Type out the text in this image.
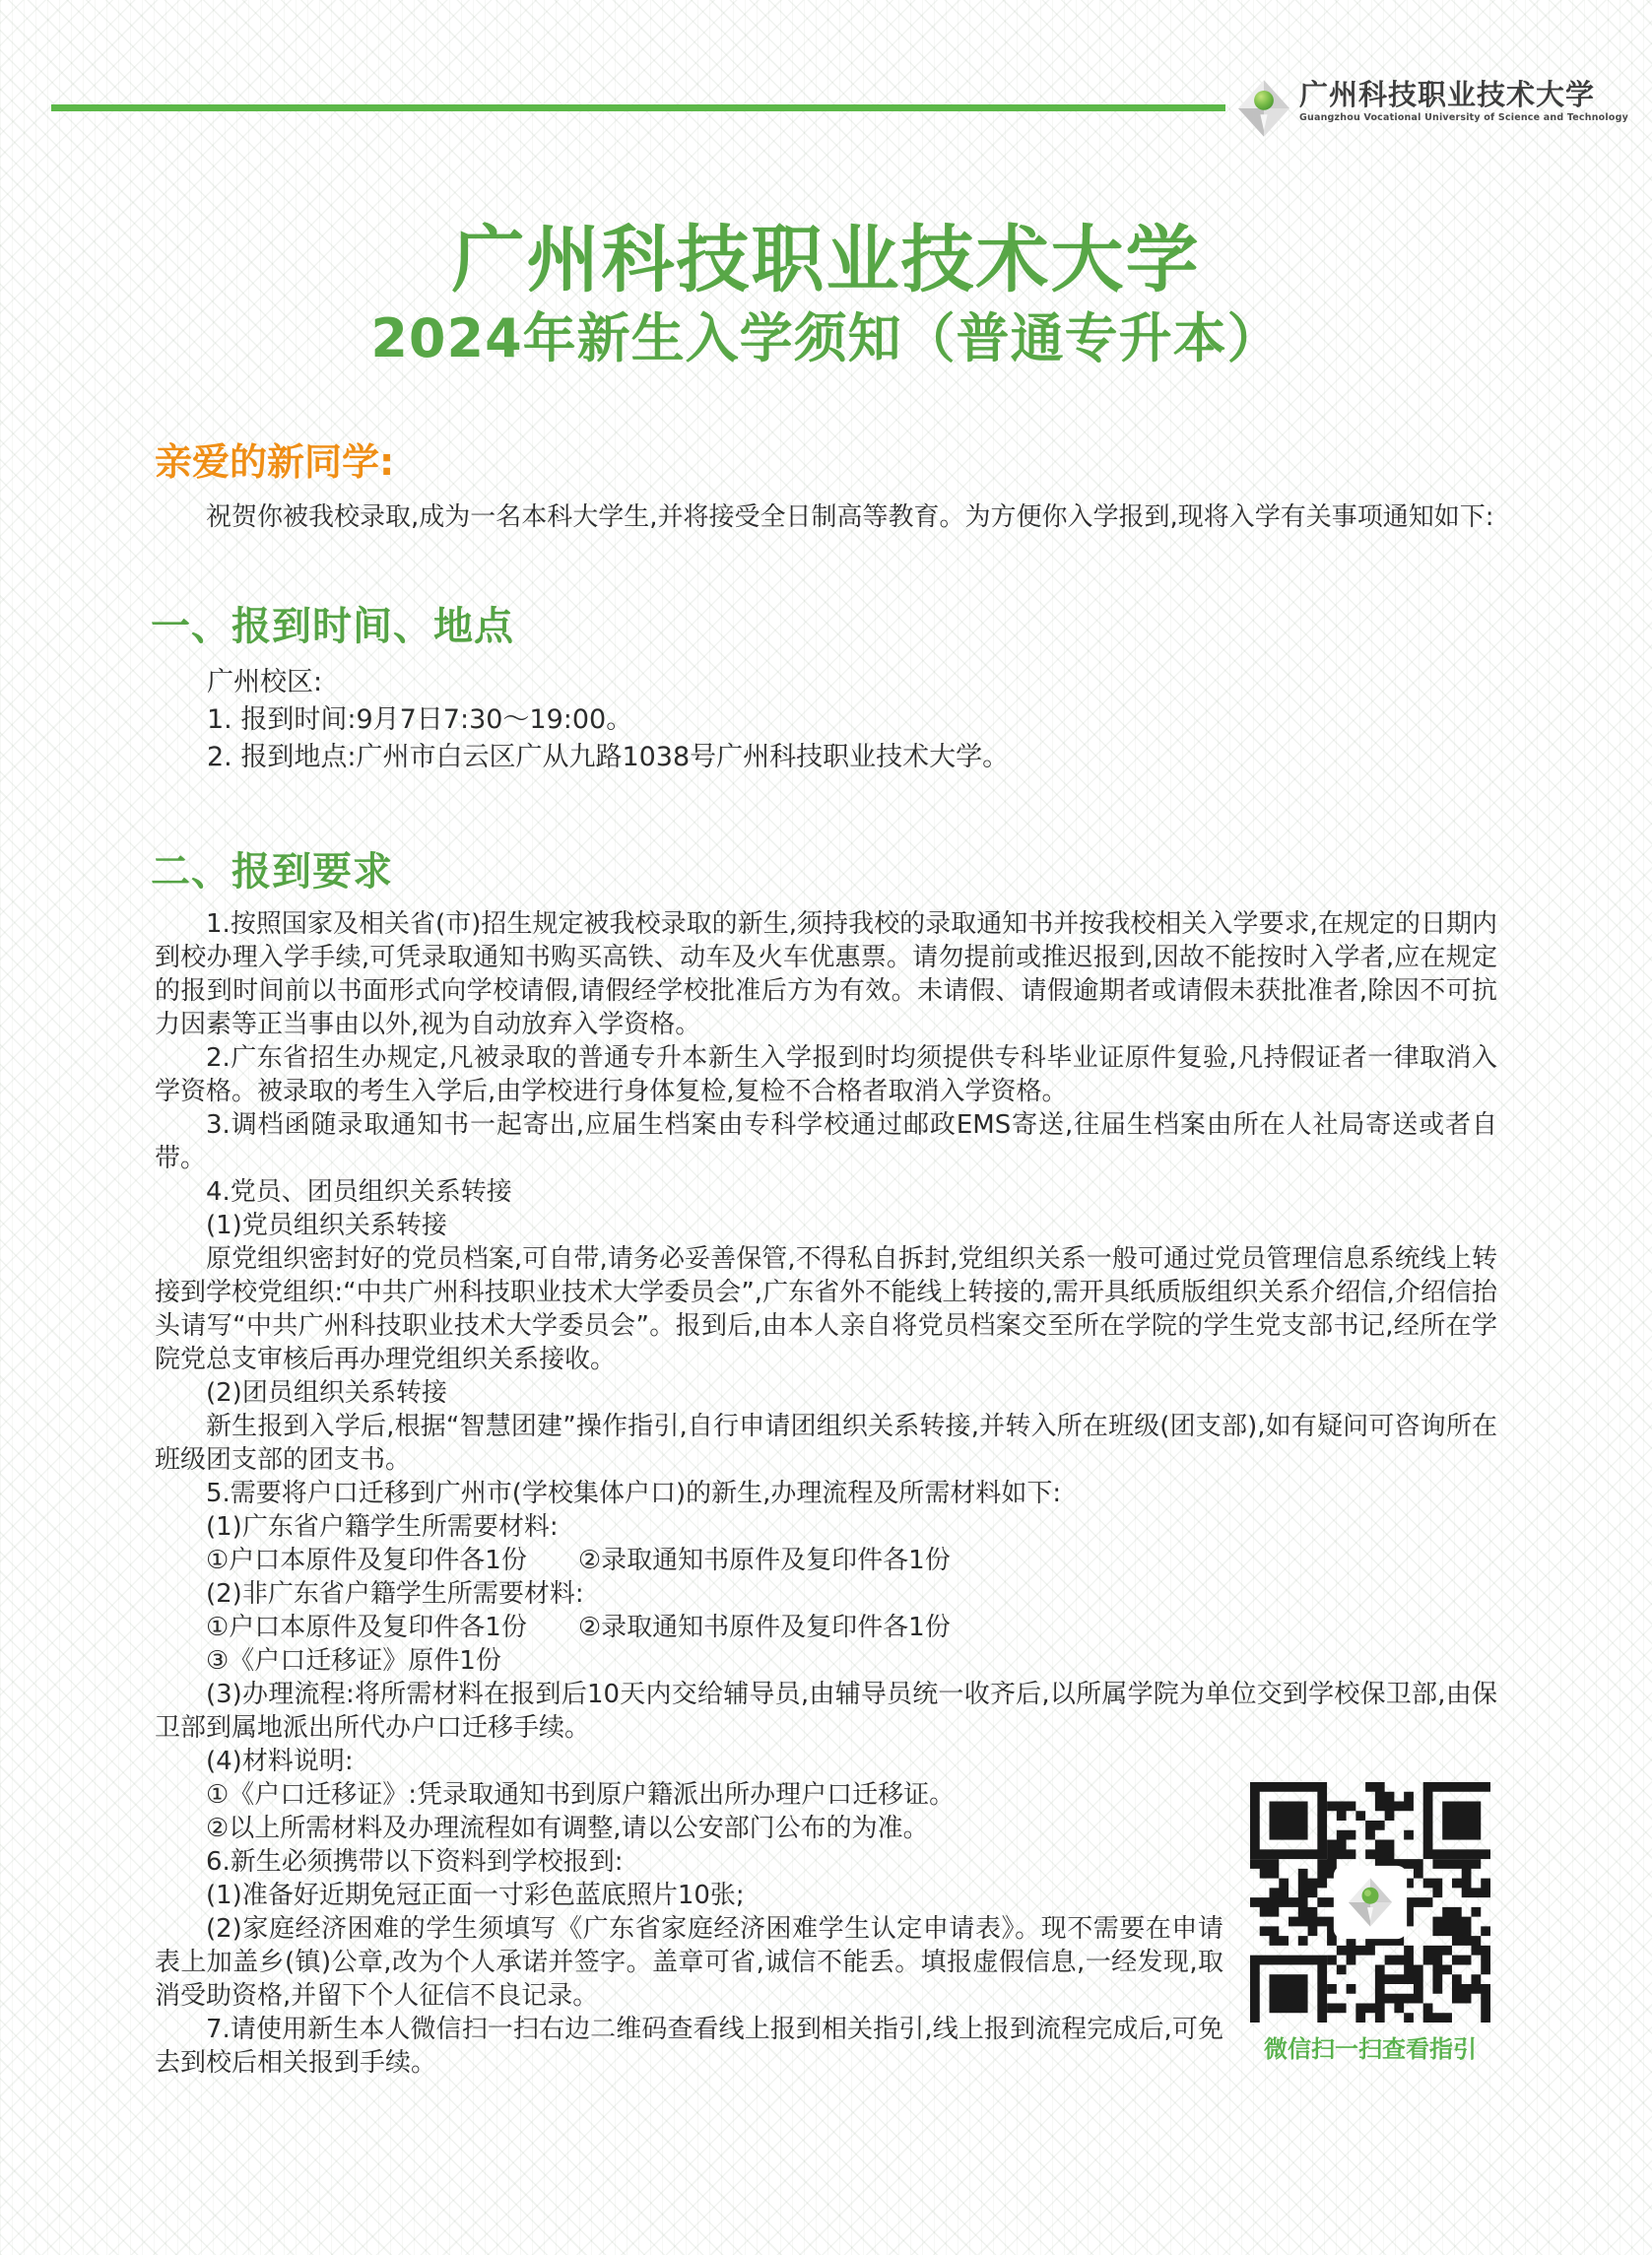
广州科技职业技术大学
Guangzhou Vocational University of Science and Technology
广州科技职业技术大学
2024年新生入学须知（普通专升本）
亲爱的新同学:
祝贺你被我校录取,成为一名本科大学生,并将接受全日制高等教育。为方便你入学报到,现将入学有关事项通知如下:
一、报到时间、地点

广州校区:

1. 报到时间:9月7日7:30～19:00。

2. 报到地点:广州市白云区广从九路1038号广州科技职业技术大学。

二、报到要求

1.按照国家及相关省(市)招生规定被我校录取的新生,须持我校的录取通知书并按我校相关入学要求,在规定的日期内到校办理入学手续,可凭录取通知书购买高铁、动车及火车优惠票。请勿提前或推迟报到,因故不能按时入学者,应在规定的报到时间前以书面形式向学校请假,请假经学校批准后方为有效。未请假、请假逾期者或请假未获批准者,除因不可抗力因素等正当事由以外,视为自动放弃入学资格。

2.广东省招生办规定,凡被录取的普通专升本新生入学报到时均须提供专科毕业证原件复验,凡持假证者一律取消入学资格。被录取的考生入学后,由学校进行身体复检,复检不合格者取消入学资格。

3.调档函随录取通知书一起寄出,应届生档案由专科学校通过邮政EMS寄送,往届生档案由所在人社局寄送或者自带。

4.党员、团员组织关系转接

(1)党员组织关系转接

原党组织密封好的党员档案,可自带,请务必妥善保管,不得私自拆封,党组织关系一般可通过党员管理信息系统线上转接到学校党组织:“中共广州科技职业技术大学委员会”,广东省外不能线上转接的,需开具纸质版组织关系介绍信,介绍信抬头请写“中共广州科技职业技术大学委员会”。报到后,由本人亲自将党员档案交至所在学院的学生党支部书记,经所在学院党总支审核后再办理党组织关系接收。

(2)团员组织关系转接

新生报到入学后,根据“智慧团建”操作指引,自行申请团组织关系转接,并转入所在班级(团支部),如有疑问可咨询所在班级团支部的团支书。

5.需要将户口迁移到广州市(学校集体户口)的新生,办理流程及所需材料如下:

(1)广东省户籍学生所需要材料:

①户口本原件及复印件各1份　　②录取通知书原件及复印件各1份

(2)非广东省户籍学生所需要材料:

①户口本原件及复印件各1份　　②录取通知书原件及复印件各1份

③《户口迁移证》原件1份

(3)办理流程:将所需材料在报到后10天内交给辅导员,由辅导员统一收齐后,以所属学院为单位交到学校保卫部,由保卫部到属地派出所代办户口迁移手续。

(4)材料说明:

微信扫一扫查看指引

①《户口迁移证》:凭录取通知书到原户籍派出所办理户口迁移证。

②以上所需材料及办理流程如有调整,请以公安部门公布的为准。

6.新生必须携带以下资料到学校报到:

(1)准备好近期免冠正面一寸彩色蓝底照片10张;

(2)家庭经济困难的学生须填写《广东省家庭经济困难学生认定申请表》。现不需要在申请表上加盖乡(镇)公章,改为个人承诺并签字。盖章可省,诚信不能丢。填报虚假信息,一经发现,取消受助资格,并留下个人征信不良记录。

7.请使用新生本人微信扫一扫右边二维码查看线上报到相关指引,线上报到流程完成后,可免去到校后相关报到手续。
